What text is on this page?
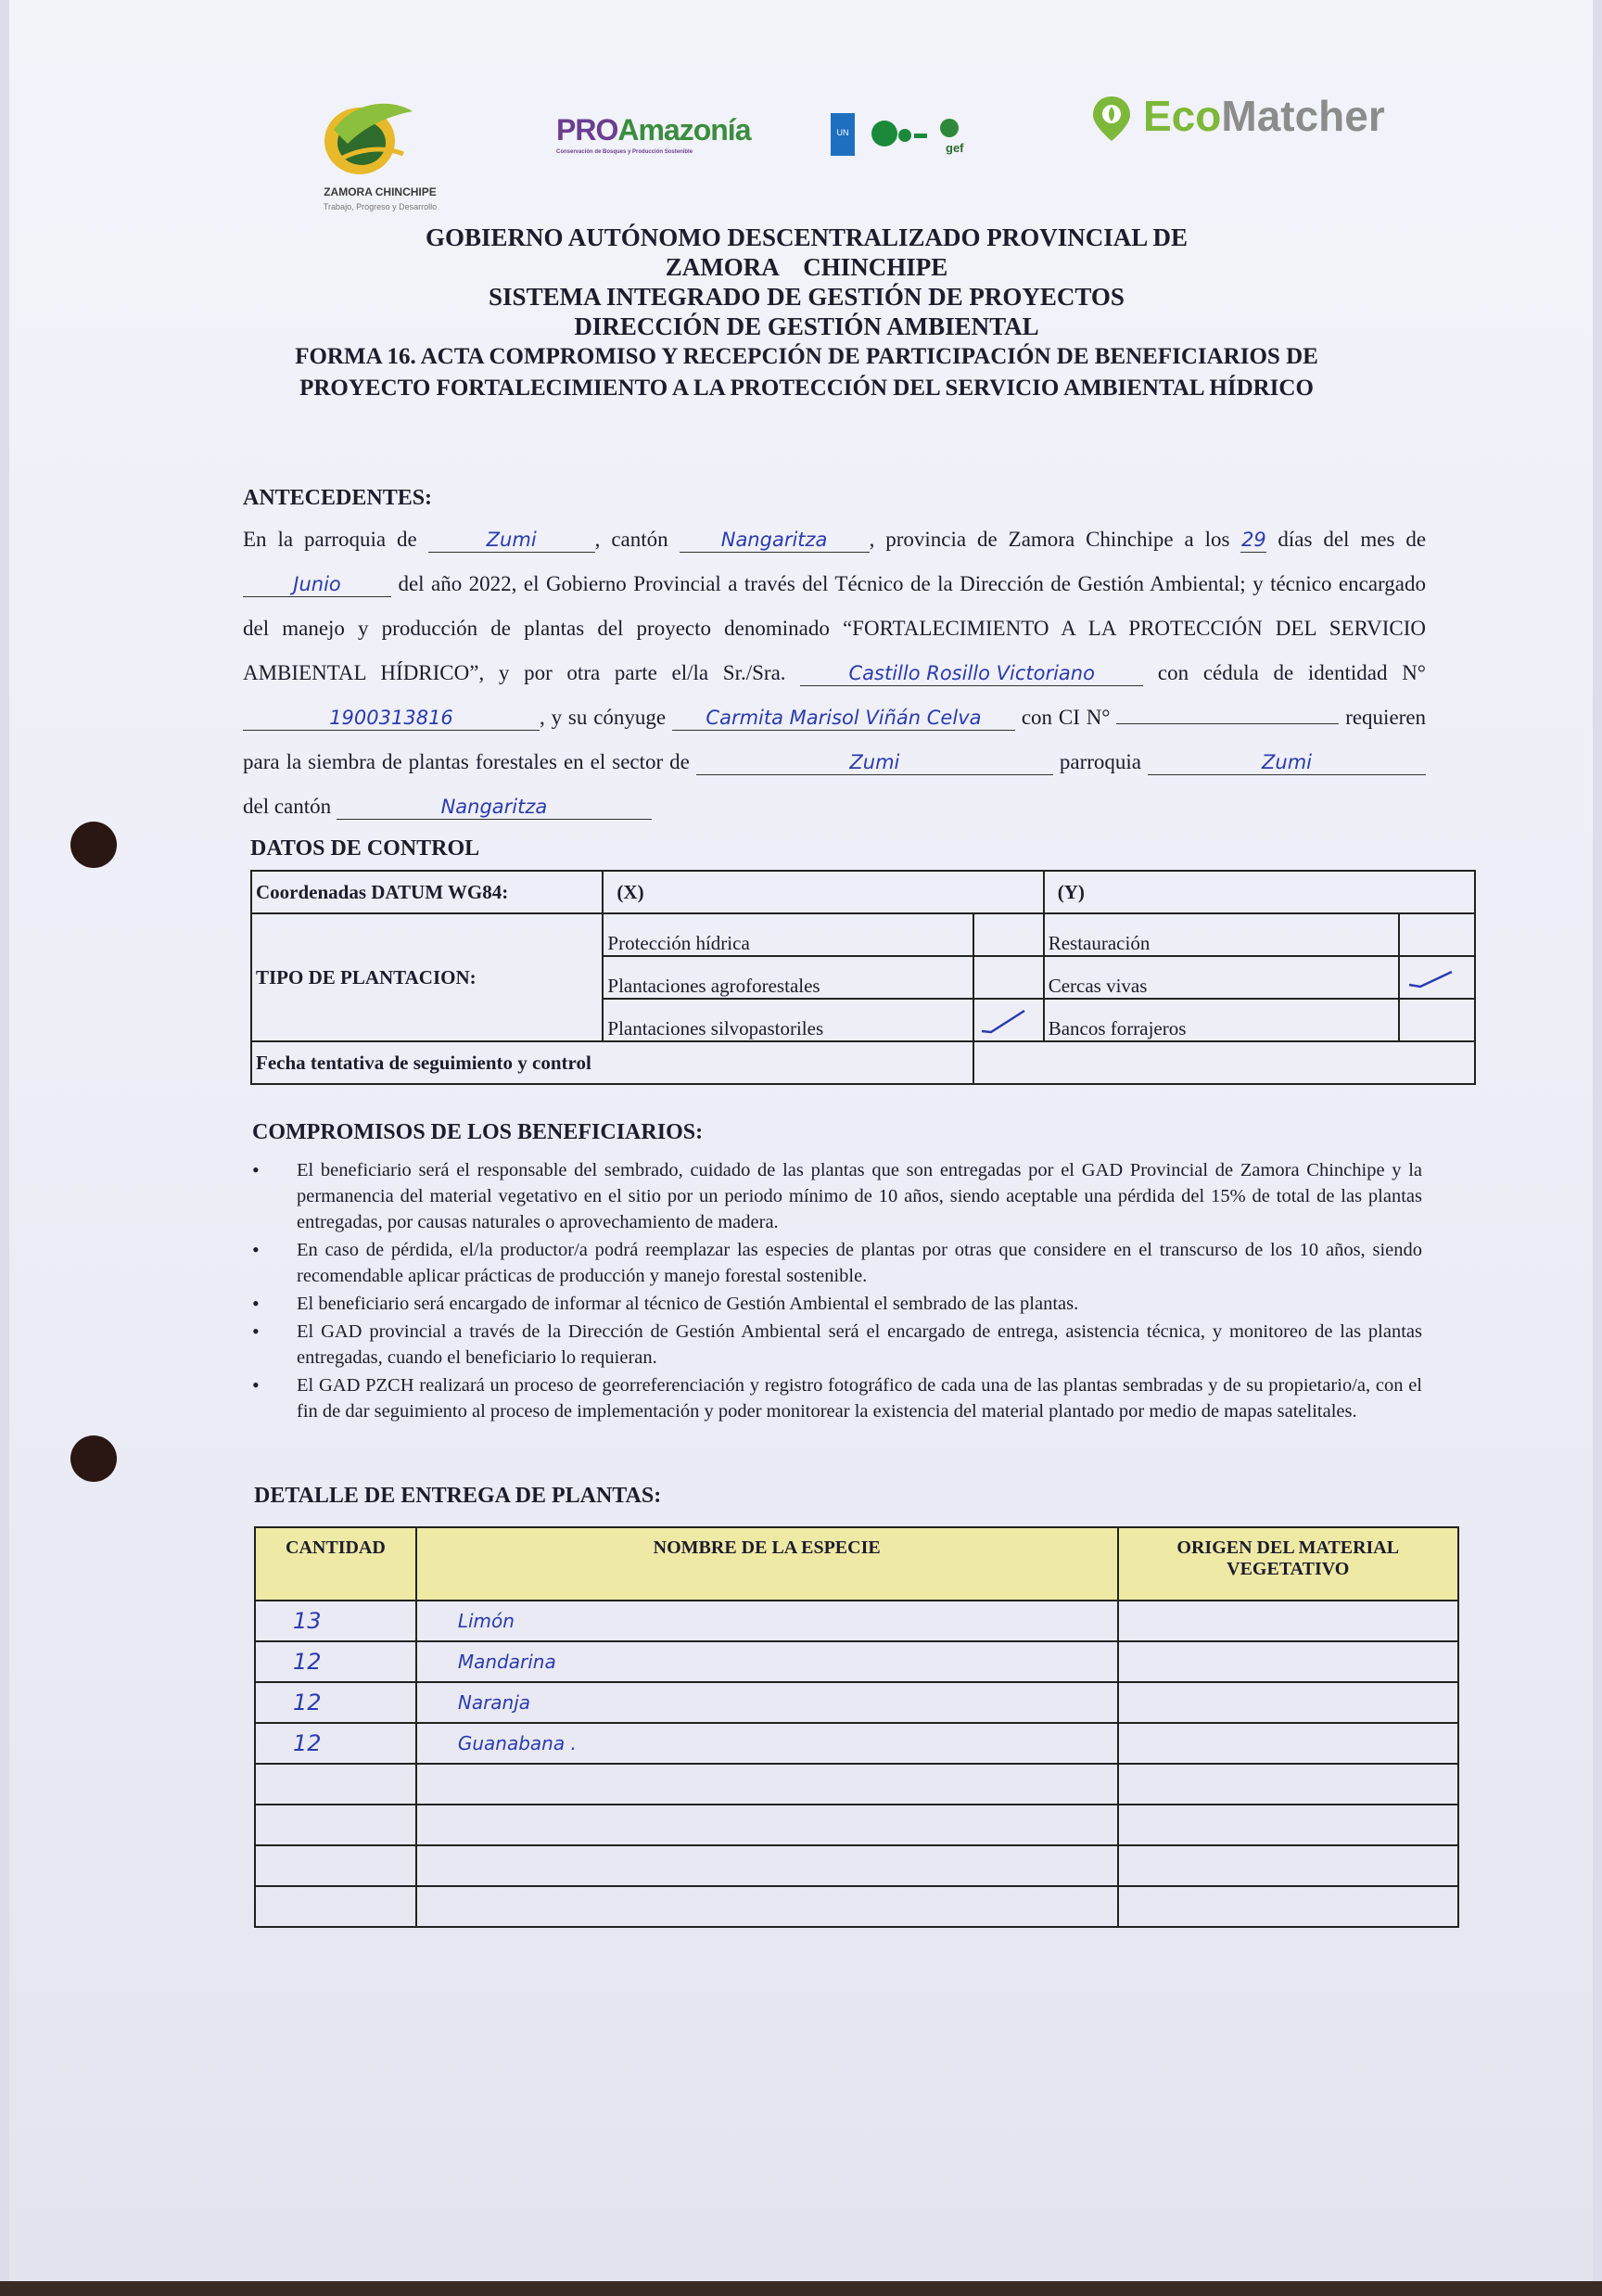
ZAMORA CHINCHIPE
Trabajo, Progreso y Desarrollo
PROAmazonía
Conservación de Bosques y Producción Sostenible
UN
gef
EcoMatcher
GOBIERNO AUTÓNOMO DESCENTRALIZADO PROVINCIAL DE
ZAMORA    CHINCHIPE
SISTEMA INTEGRADO DE GESTIÓN DE PROYECTOS
DIRECCIÓN DE GESTIÓN AMBIENTAL
FORMA 16. ACTA COMPROMISO Y RECEPCIÓN DE PARTICIPACIÓN DE BENEFICIARIOS DE
PROYECTO FORTALECIMIENTO A LA PROTECCIÓN DEL SERVICIO AMBIENTAL HÍDRICO
ANTECEDENTES:
En la parroquia de	Zumi	, cantón	Nangaritza , provincia de Zamora Chinchipe a los 29 días del mes de Junio	del año 2022, el Gobierno Provincial a través del Técnico de la Dirección de Gestión Ambiental; y técnico encargado del manejo y producción de plantas del proyecto denominado “FORTALECIMIENTO A LA PROTECCIÓN DEL SERVICIO AMBIENTAL HÍDRICO”, y por otra parte el/la Sr./Sra.	Castillo Rosillo Victoriano	con cédula de identidad N° 1900313816	, y su cónyuge Carmita Marisol Viñán Celva con CI N°	requieren para la siembra de plantas forestales en el sector de	Zumi	parroquia	Zumi del cantón	Nangaritza
DATOS DE CONTROL
Coordenadas DATUM WG84:	(X)		(Y)	
TIPO DE PLANTACION:	Protección hídrica		Restauración	
	Plantaciones agroforestales		Cercas vivas	
	Plantaciones silvopastoriles		Bancos forrajeros	
Fecha tentativa de seguimiento y control				
COMPROMISOS DE LOS BENEFICIARIOS:
• El beneficiario será el responsable del sembrado, cuidado de las plantas que son entregadas por el GAD Provincial de Zamora Chinchipe y la permanencia del material vegetativo en el sitio por un periodo mínimo de 10 años, siendo aceptable una pérdida del 15% de total de las plantas entregadas, por causas naturales o aprovechamiento de madera.
• En caso de pérdida, el/la productor/a podrá reemplazar las especies de plantas por otras que considere en el transcurso de los 10 años, siendo recomendable aplicar prácticas de producción y manejo forestal sostenible.
• El beneficiario será encargado de informar al técnico de Gestión Ambiental el sembrado de las plantas.
• El GAD provincial a través de la Dirección de Gestión Ambiental será el encargado de entrega, asistencia técnica, y monitoreo de las plantas entregadas, cuando el beneficiario lo requieran.
• El GAD PZCH realizará un proceso de georreferenciación y registro fotográfico de cada una de las plantas sembradas y de su propietario/a, con el fin de dar seguimiento al proceso de implementación y poder monitorear la existencia del material plantado por medio de mapas satelitales.
DETALLE DE ENTREGA DE PLANTAS:
CANTIDAD	NOMBRE DE LA ESPECIE	ORIGEN DEL MATERIAL VEGETATIVO
13	Limón	
12	Mandarina	
12	Naranja	
12	Guanabana .	
